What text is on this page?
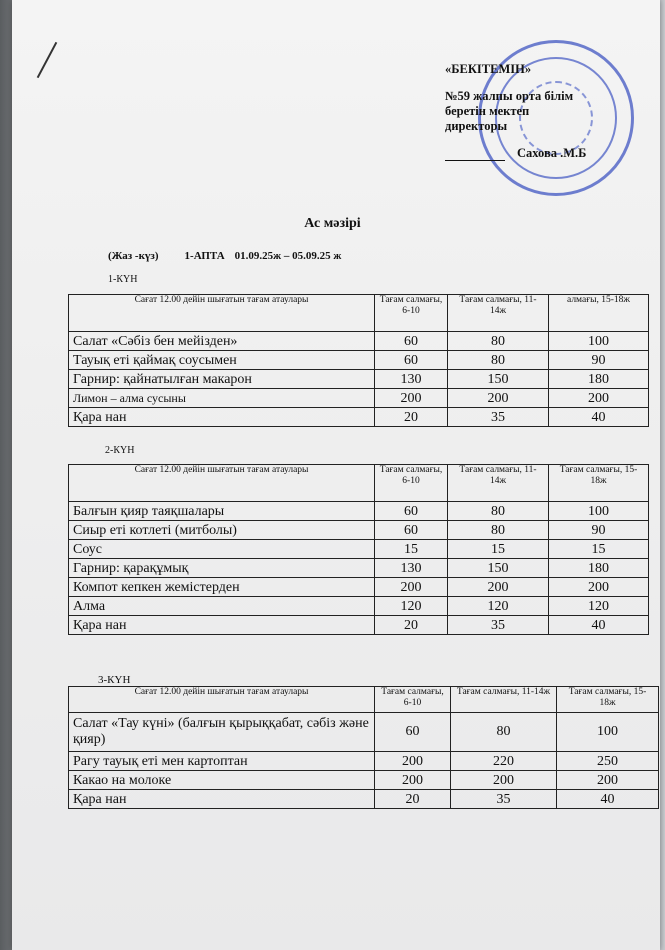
«БЕКІТЕМІН»
№59 жалпы орта білім
беретін мектеп
директоры
Сахова .М.Б
Ас мәзірі
(Жаз -күз) 1-АПТА 01.09.25ж – 05.09.25 ж
1-КҮН
Сағат 12.00 дейін шығатын тағам атаулары	Тағам салмағы, 6-10	Тағам салмағы, 11-14ж	алмағы, 15-18ж
Салат «Сәбіз бен мейізден»	60	80	100
Тауық еті қаймақ соусымен	60	80	90
Гарнир: қайнатылған макарон	130	150	180
Лимон – алма сусыны	200	200	200
Қара нан	20	35	40
2-КҮН
Сағат 12.00 дейін шығатын тағам атаулары	Тағам салмағы, 6-10	Тағам салмағы, 11-14ж	Тағам салмағы, 15-18ж
Балғын қияр таяқшалары	60	80	100
Сиыр еті котлеті (митболы)	60	80	90
Соус	15	15	15
Гарнир: қарақұмық	130	150	180
Компот кепкен жемістерден	200	200	200
Алма	120	120	120
Қара нан	20	35	40
3-КҮН
Сағат 12.00 дейін шығатын тағам атаулары	Тағам салмағы, 6-10	Тағам салмағы, 11-14ж	Тағам салмағы, 15-18ж
Салат «Тау күні» (балғын қырыққабат, сәбіз және қияр)	60	80	100
Рагу тауық еті мен картоптан	200	220	250
Какао на молоке	200	200	200
Қара нан	20	35	40
